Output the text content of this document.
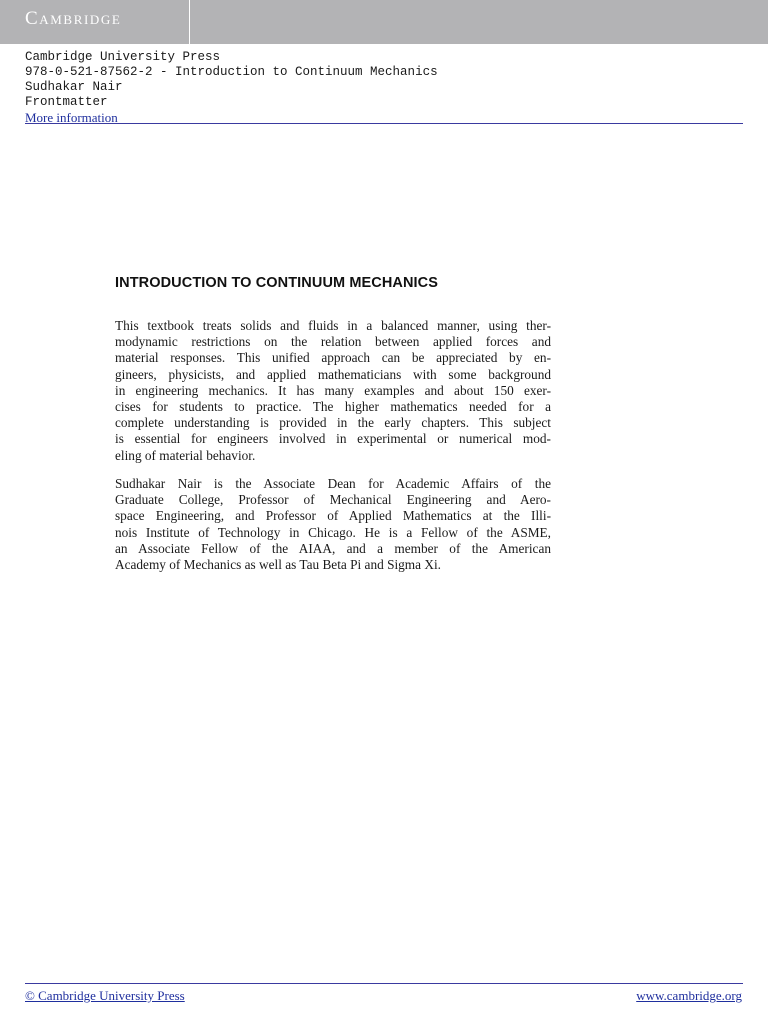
Cambridge
Cambridge University Press
978-0-521-87562-2 - Introduction to Continuum Mechanics
Sudhakar Nair
Frontmatter
More information
INTRODUCTION TO CONTINUUM MECHANICS
This textbook treats solids and fluids in a balanced manner, using ther-
modynamic restrictions on the relation between applied forces and
material responses. This unified approach can be appreciated by en-
gineers, physicists, and applied mathematicians with some background
in engineering mechanics. It has many examples and about 150 exer-
cises for students to practice. The higher mathematics needed for a
complete understanding is provided in the early chapters. This subject
is essential for engineers involved in experimental or numerical mod-
eling of material behavior.
Sudhakar Nair is the Associate Dean for Academic Affairs of the
Graduate College, Professor of Mechanical Engineering and Aero-
space Engineering, and Professor of Applied Mathematics at the Illi-
nois Institute of Technology in Chicago. He is a Fellow of the ASME,
an Associate Fellow of the AIAA, and a member of the American
Academy of Mechanics as well as Tau Beta Pi and Sigma Xi.
© Cambridge University Press	www.cambridge.org
